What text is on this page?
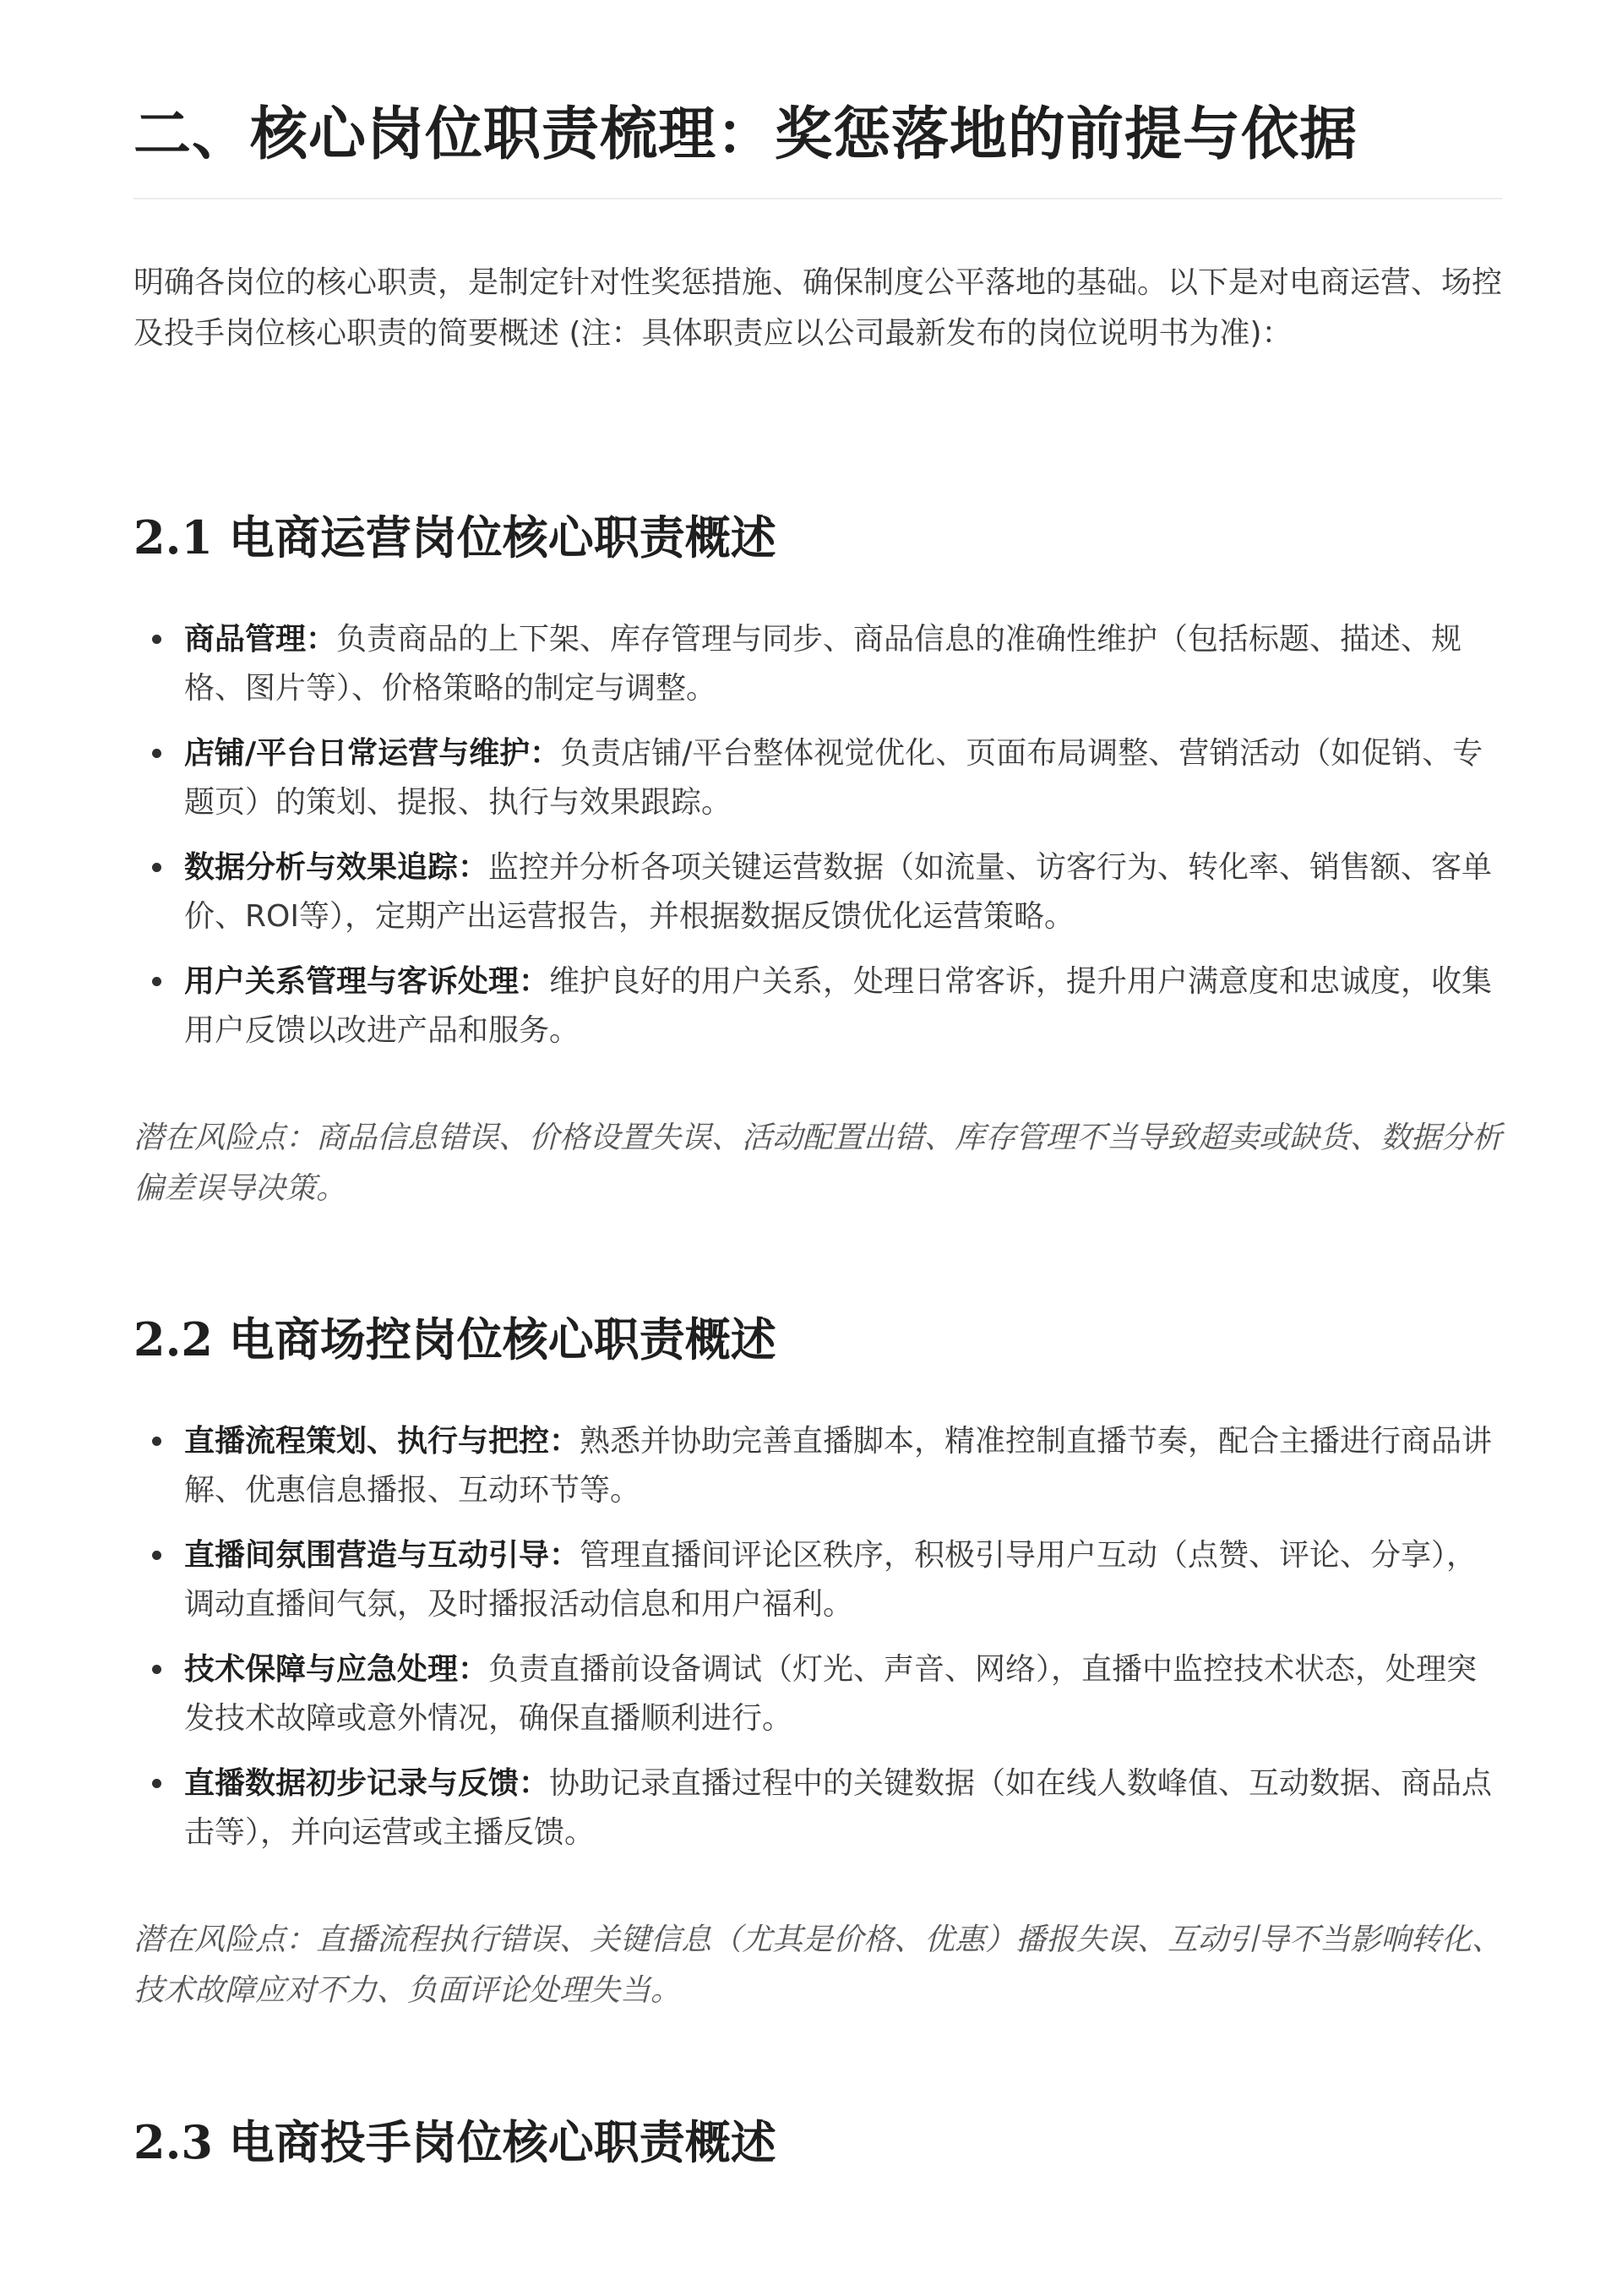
二、核心岗位职责梳理：奖惩落地的前提与依据

明确各岗位的核心职责，是制定针对性奖惩措施、确保制度公平落地的基础。以下是对电商运营、场控及投手岗位核心职责的简要概述 (注：具体职责应以公司最新发布的岗位说明书为准)：

2.1 电商运营岗位核心职责概述
商品管理：负责商品的上下架、库存管理与同步、商品信息的准确性维护（包括标题、描述、规格、图片等）、价格策略的制定与调整。
店铺/平台日常运营与维护：负责店铺/平台整体视觉优化、页面布局调整、营销活动（如促销、专题页）的策划、提报、执行与效果跟踪。
数据分析与效果追踪：监控并分析各项关键运营数据（如流量、访客行为、转化率、销售额、客单价、ROI等），定期产出运营报告，并根据数据反馈优化运营策略。
用户关系管理与客诉处理：维护良好的用户关系，处理日常客诉，提升用户满意度和忠诚度，收集用户反馈以改进产品和服务。

潜在风险点：商品信息错误、价格设置失误、活动配置出错、库存管理不当导致超卖或缺货、数据分析偏差误导决策。

2.2 电商场控岗位核心职责概述
直播流程策划、执行与把控：熟悉并协助完善直播脚本，精准控制直播节奏，配合主播进行商品讲解、优惠信息播报、互动环节等。
直播间氛围营造与互动引导：管理直播间评论区秩序，积极引导用户互动（点赞、评论、分享），调动直播间气氛，及时播报活动信息和用户福利。
技术保障与应急处理：负责直播前设备调试（灯光、声音、网络），直播中监控技术状态，处理突发技术故障或意外情况，确保直播顺利进行。
直播数据初步记录与反馈：协助记录直播过程中的关键数据（如在线人数峰值、互动数据、商品点击等），并向运营或主播反馈。

潜在风险点：直播流程执行错误、关键信息（尤其是价格、优惠）播报失误、互动引导不当影响转化、技术故障应对不力、负面评论处理失当。

2.3 电商投手岗位核心职责概述
